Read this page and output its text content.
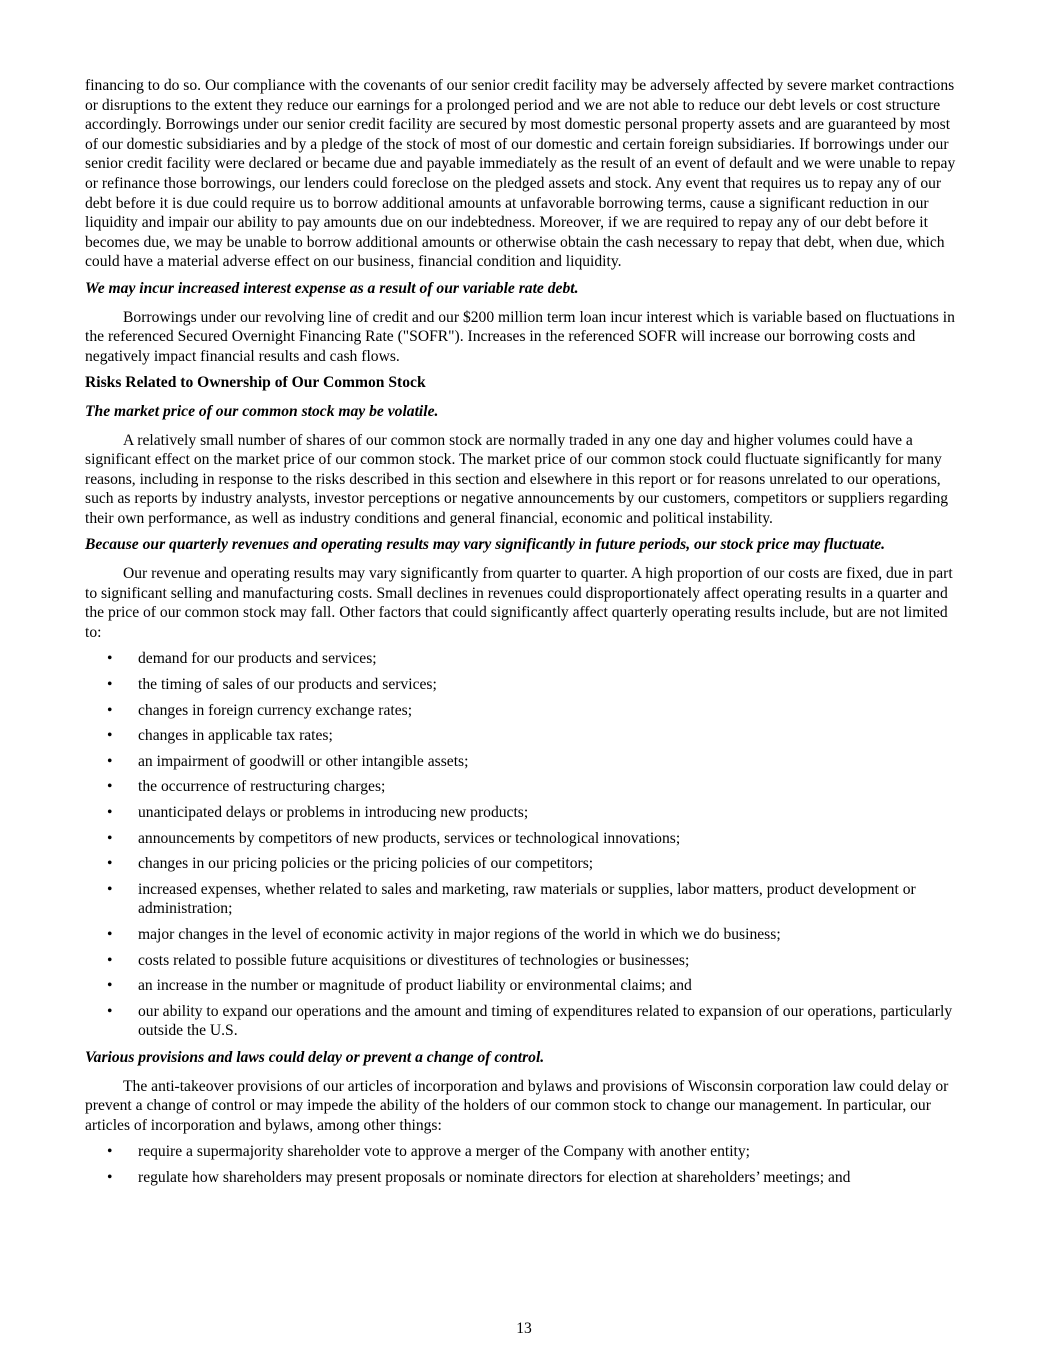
financing to do so. Our compliance with the covenants of our senior credit facility may be adversely affected by severe market contractions or disruptions to the extent they reduce our earnings for a prolonged period and we are not able to reduce our debt levels or cost structure accordingly. Borrowings under our senior credit facility are secured by most domestic personal property assets and are guaranteed by most of our domestic subsidiaries and by a pledge of the stock of most of our domestic and certain foreign subsidiaries. If borrowings under our senior credit facility were declared or became due and payable immediately as the result of an event of default and we were unable to repay or refinance those borrowings, our lenders could foreclose on the pledged assets and stock. Any event that requires us to repay any of our debt before it is due could require us to borrow additional amounts at unfavorable borrowing terms, cause a significant reduction in our liquidity and impair our ability to pay amounts due on our indebtedness. Moreover, if we are required to repay any of our debt before it becomes due, we may be unable to borrow additional amounts or otherwise obtain the cash necessary to repay that debt, when due, which could have a material adverse effect on our business, financial condition and liquidity.

We may incur increased interest expense as a result of our variable rate debt.

Borrowings under our revolving line of credit and our $200 million term loan incur interest which is variable based on fluctuations in the referenced Secured Overnight Financing Rate ("SOFR"). Increases in the referenced SOFR will increase our borrowing costs and negatively impact financial results and cash flows.

Risks Related to Ownership of Our Common Stock

The market price of our common stock may be volatile.

A relatively small number of shares of our common stock are normally traded in any one day and higher volumes could have a significant effect on the market price of our common stock. The market price of our common stock could fluctuate significantly for many reasons, including in response to the risks described in this section and elsewhere in this report or for reasons unrelated to our operations, such as reports by industry analysts, investor perceptions or negative announcements by our customers, competitors or suppliers regarding their own performance, as well as industry conditions and general financial, economic and political instability.

Because our quarterly revenues and operating results may vary significantly in future periods, our stock price may fluctuate.

Our revenue and operating results may vary significantly from quarter to quarter. A high proportion of our costs are fixed, due in part to significant selling and manufacturing costs. Small declines in revenues could disproportionately affect operating results in a quarter and the price of our common stock may fall. Other factors that could significantly affect quarterly operating results include, but are not limited to:

• demand for our products and services;
• the timing of sales of our products and services;
• changes in foreign currency exchange rates;
• changes in applicable tax rates;
• an impairment of goodwill or other intangible assets;
• the occurrence of restructuring charges;
• unanticipated delays or problems in introducing new products;
• announcements by competitors of new products, services or technological innovations;
• changes in our pricing policies or the pricing policies of our competitors;
• increased expenses, whether related to sales and marketing, raw materials or supplies, labor matters, product development or administration;
• major changes in the level of economic activity in major regions of the world in which we do business;
• costs related to possible future acquisitions or divestitures of technologies or businesses;
• an increase in the number or magnitude of product liability or environmental claims; and
• our ability to expand our operations and the amount and timing of expenditures related to expansion of our operations, particularly outside the U.S.

Various provisions and laws could delay or prevent a change of control.

The anti-takeover provisions of our articles of incorporation and bylaws and provisions of Wisconsin corporation law could delay or prevent a change of control or may impede the ability of the holders of our common stock to change our management. In particular, our articles of incorporation and bylaws, among other things:

• require a supermajority shareholder vote to approve a merger of the Company with another entity;
• regulate how shareholders may present proposals or nominate directors for election at shareholders’ meetings; and
13
